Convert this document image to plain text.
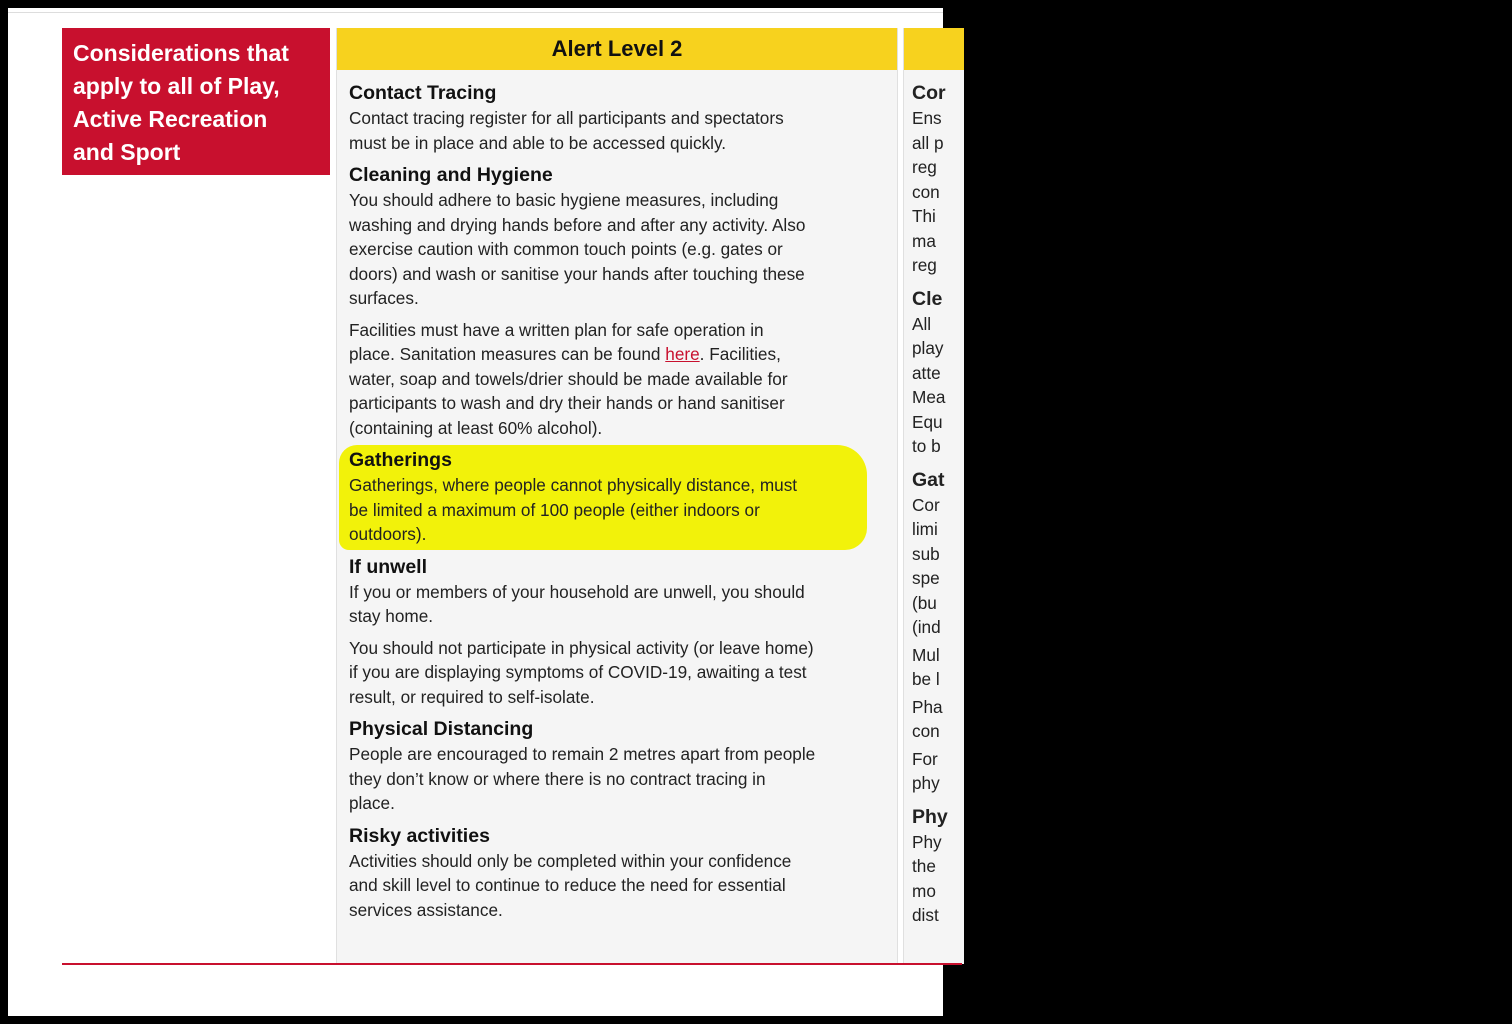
Considerations that
apply to all of Play,
Active Recreation
and Sport
Alert Level 2
Contact Tracing
Contact tracing register for all participants and spectators
must be in place and able to be accessed quickly.
Cleaning and Hygiene
You should adhere to basic hygiene measures, including
washing and drying hands before and after any activity. Also
exercise caution with common touch points (e.g. gates or
doors) and wash or sanitise your hands after touching these
surfaces.
Facilities must have a written plan for safe operation in
place. Sanitation measures can be found here. Facilities,
water, soap and towels/drier should be made available for
participants to wash and dry their hands or hand sanitiser
(containing at least 60% alcohol).
Gatherings
Gatherings, where people cannot physically distance, must
be limited a maximum of 100 people (either indoors or
outdoors).
If unwell
If you or members of your household are unwell, you should
stay home.
You should not participate in physical activity (or leave home)
if you are displaying symptoms of COVID-19, awaiting a test
result, or required to self-isolate.
Physical Distancing
People are encouraged to remain 2 metres apart from people
they don’t know or where there is no contract tracing in
place.
Risky activities
Activities should only be completed within your confidence
and skill level to continue to reduce the need for essential
services assistance.
Cor
Ens
all p
reg
con
Thi
ma
reg
Cle
All
play
atte
Mea
Equ
to b
Gat
Cor
limi
sub
spe
(bu
(ind
Mul
be l
Pha
con
For
phy
Phy
Phy
the
mo
dist
